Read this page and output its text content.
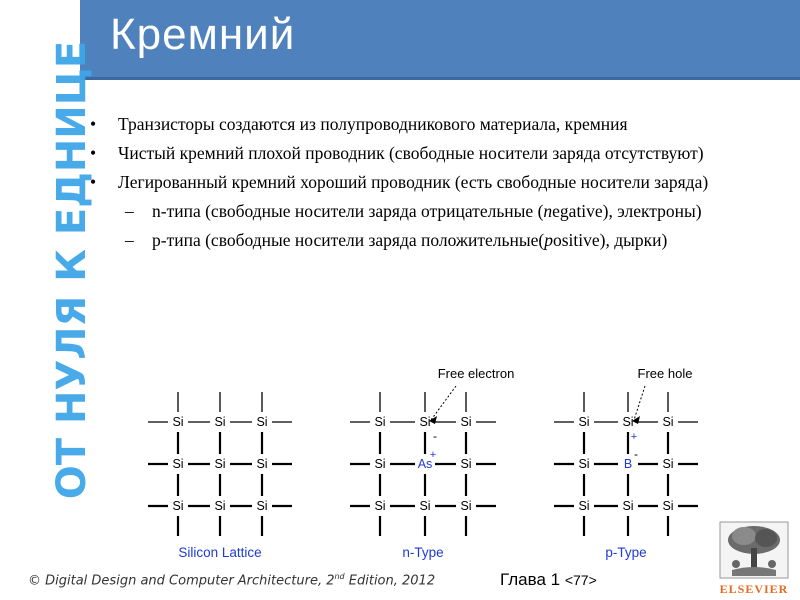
Кремний
ОТ НУЛЯ К ЕДНИЦЕ
•	Транзисторы создаются из полупроводникового материала, кремния
• Чистый кремний плохой проводник (свободные носители заряда отсутствуют)
• Легированный кремний хороший проводник (есть свободные носители заряда)
– n-типа (свободные носители заряда отрицательные (negative), электроны)
– p-типа (свободные носители заряда положительные(positive), дырки)
Si Si Si
Si Si Si
Si Si Si
Silicon Lattice
Si	Si Si
Si	As Si
Si	Si Si
n-Type
Free electron
-
+
Si	Si Si
Si	B Si
Si	Si Si
p-Type
Free hole
+
-
© Digital Design and Computer Architecture, 2nd Edition, 2012	Глава 1 <77>
ELSEVIER
